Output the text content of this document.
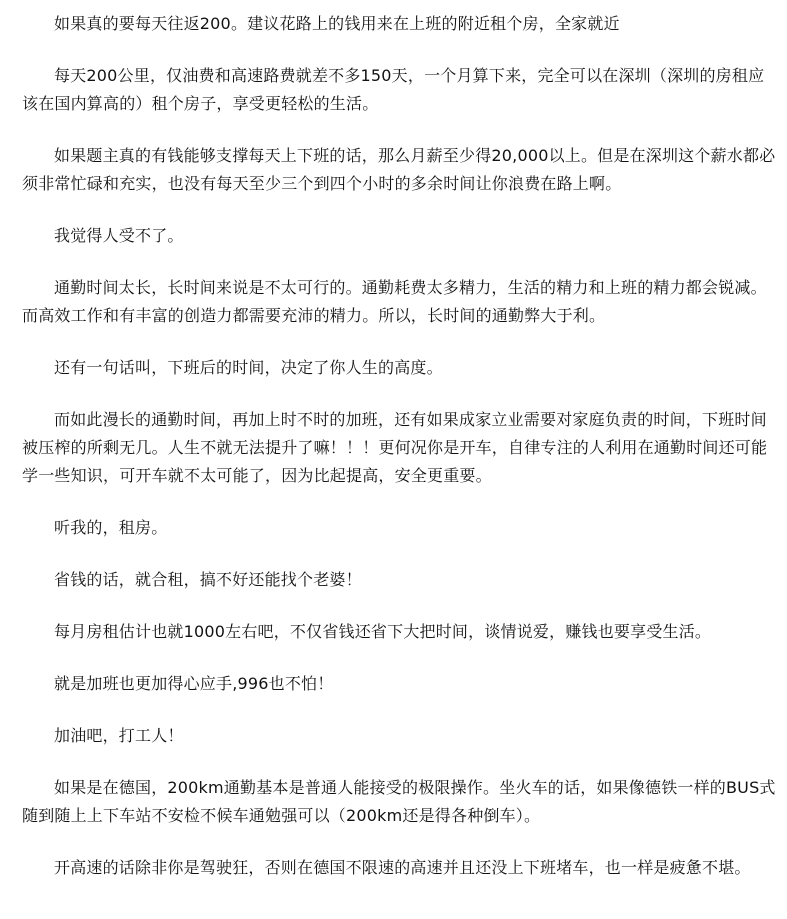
如果真的要每天往返200。建议花路上的钱用来在上班的附近租个房，全家就近

每天200公里，仅油费和高速路费就差不多150天，一个月算下来，完全可以在深圳（深圳的房租应该在国内算高的）租个房子，享受更轻松的生活。

如果题主真的有钱能够支撑每天上下班的话，那么月薪至少得20,000以上。但是在深圳这个薪水都必须非常忙碌和充实，也没有每天至少三个到四个小时的多余时间让你浪费在路上啊。

我觉得人受不了。

通勤时间太长，长时间来说是不太可行的。通勤耗费太多精力，生活的精力和上班的精力都会锐减。而高效工作和有丰富的创造力都需要充沛的精力。所以，长时间的通勤弊大于利。

还有一句话叫，下班后的时间，决定了你人生的高度。

而如此漫长的通勤时间，再加上时不时的加班，还有如果成家立业需要对家庭负责的时间，下班时间被压榨的所剩无几。人生不就无法提升了嘛！！！更何况你是开车，自律专注的人利用在通勤时间还可能学一些知识，可开车就不太可能了，因为比起提高，安全更重要。

听我的，租房。

省钱的话，就合租，搞不好还能找个老婆！

每月房租估计也就1000左右吧，不仅省钱还省下大把时间，谈情说爱，赚钱也要享受生活。

就是加班也更加得心应手,996也不怕！

加油吧，打工人！

如果是在德国，200km通勤基本是普通人能接受的极限操作。坐火车的话，如果像德铁一样的BUS式随到随上上下车站不安检不候车通勉强可以（200km还是得各种倒车）。

开高速的话除非你是驾驶狂，否则在德国不限速的高速并且还没上下班堵车，也一样是疲惫不堪。
